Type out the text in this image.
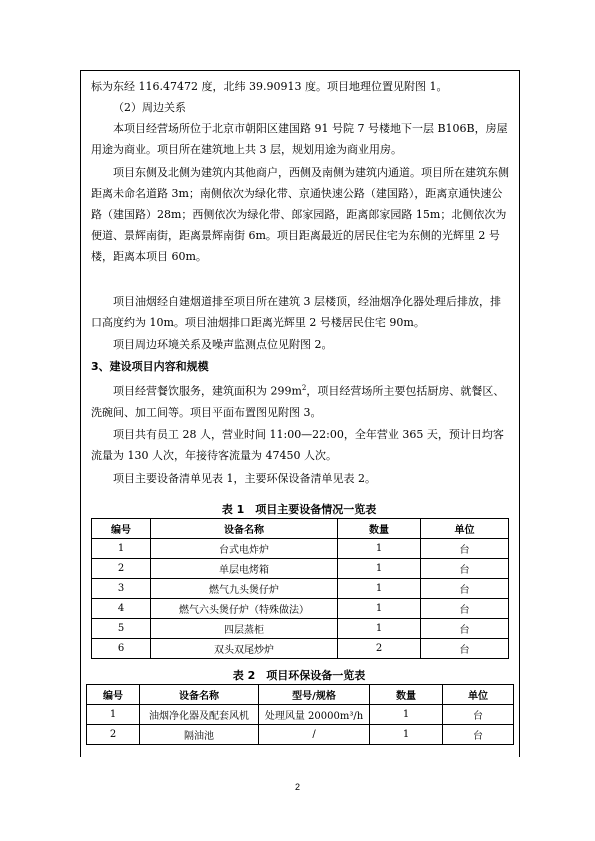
标为东经 116.47472 度，北纬 39.90913 度。项目地理位置见附图 1。

（2）周边关系

本项目经营场所位于北京市朝阳区建国路 91 号院 7 号楼地下一层 B106B，房屋用途为商业。项目所在建筑地上共 3 层，规划用途为商业用房。

项目东侧及北侧为建筑内其他商户，西侧及南侧为建筑内通道。项目所在建筑东侧距离未命名道路 3m；南侧依次为绿化带、京通快速公路（建国路），距离京通快速公路（建国路）28m；西侧依次为绿化带、郎家园路，距离郎家园路 15m；北侧依次为便道、景辉南街，距离景辉南街 6m。项目距离最近的居民住宅为东侧的光辉里 2 号楼，距离本项目 60m。

项目油烟经自建烟道排至项目所在建筑 3 层楼顶，经油烟净化器处理后排放，排口高度约为 10m。项目油烟排口距离光辉里 2 号楼居民住宅 90m。

项目周边环境关系及噪声监测点位见附图 2。

3、建设项目内容和规模

项目经营餐饮服务，建筑面积为 $299m^2$，项目经营场所主要包括厨房、就餐区、洗碗间、加工间等。项目平面布置图见附图 3。

项目共有员工 28 人，营业时间 11:00—22:00，全年营业 365 天，预计日均客流量为 130 人次，年接待客流量为 47450 人次。

项目主要设备清单见表 1，主要环保设备清单见表 2。

表 1　项目主要设备情况一览表
编号	设备名称	数量	单位
1	台式电炸炉	1	台
2	单层电烤箱	1	台
3	燃气九头煲仔炉	1	台
4	燃气六头煲仔炉（特殊做法）	1	台
5	四层蒸柜	1	台
6	双头双尾炒炉	2	台
表 2　项目环保设备一览表
编号	设备名称	型号/规格	数量	单位
1	油烟净化器及配套风机	处理风量 20000m³/h	1	台
2	隔油池	/	1	台
2
